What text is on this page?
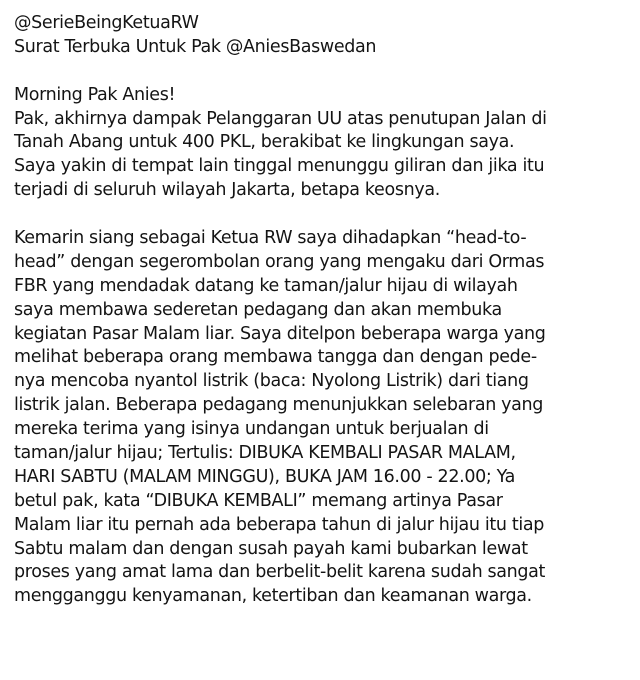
@SerieBeingKetuaRW
Surat Terbuka Untuk Pak @AniesBaswedan
Morning Pak Anies!
Pak, akhirnya dampak Pelanggaran UU atas penutupan Jalan di
Tanah Abang untuk 400 PKL, berakibat ke lingkungan saya.
Saya yakin di tempat lain tinggal menunggu giliran dan jika itu
terjadi di seluruh wilayah Jakarta, betapa keosnya.
Kemarin siang sebagai Ketua RW saya dihadapkan “head-to-
head” dengan segerombolan orang yang mengaku dari Ormas
FBR yang mendadak datang ke taman/jalur hijau di wilayah
saya membawa sederetan pedagang dan akan membuka
kegiatan Pasar Malam liar. Saya ditelpon beberapa warga yang
melihat beberapa orang membawa tangga dan dengan pede-
nya mencoba nyantol listrik (baca: Nyolong Listrik) dari tiang
listrik jalan. Beberapa pedagang menunjukkan selebaran yang
mereka terima yang isinya undangan untuk berjualan di
taman/jalur hijau; Tertulis: DIBUKA KEMBALI PASAR MALAM,
HARI SABTU (MALAM MINGGU), BUKA JAM 16.00 - 22.00; Ya
betul pak, kata “DIBUKA KEMBALI” memang artinya Pasar
Malam liar itu pernah ada beberapa tahun di jalur hijau itu tiap
Sabtu malam dan dengan susah payah kami bubarkan lewat
proses yang amat lama dan berbelit-belit karena sudah sangat
mengganggu kenyamanan, ketertiban dan keamanan warga.
